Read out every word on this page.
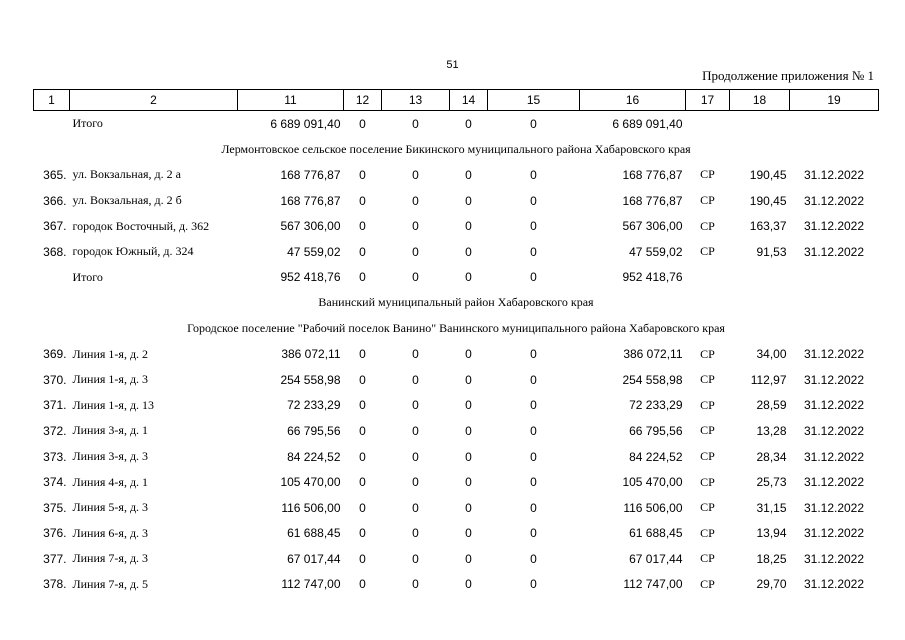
51
Продолжение приложения № 1
1	2	11	12	13	14	15	16	17	18	19
	Итого	6 689 091,40	0	0	0	0	6 689 091,40			
Лермонтовское сельское поселение Бикинского муниципального района Хабаровского края										
365.	ул. Вокзальная, д. 2 а	168 776,87	0	0	0	0	168 776,87	СР	190,45	31.12.2022
366.	ул. Вокзальная, д. 2 б	168 776,87	0	0	0	0	168 776,87	СР	190,45	31.12.2022
367.	городок Восточный, д. 362	567 306,00	0	0	0	0	567 306,00	СР	163,37	31.12.2022
368.	городок Южный, д. 324	47 559,02	0	0	0	0	47 559,02	СР	91,53	31.12.2022
	Итого	952 418,76	0	0	0	0	952 418,76			
Ванинский муниципальный район Хабаровского края										
Городское поселение "Рабочий поселок Ванино" Ванинского муниципального района Хабаровского края										
369.	Линия 1-я, д. 2	386 072,11	0	0	0	0	386 072,11	СР	34,00	31.12.2022
370.	Линия 1-я, д. 3	254 558,98	0	0	0	0	254 558,98	СР	112,97	31.12.2022
371.	Линия 1-я, д. 13	72 233,29	0	0	0	0	72 233,29	СР	28,59	31.12.2022
372.	Линия 3-я, д. 1	66 795,56	0	0	0	0	66 795,56	СР	13,28	31.12.2022
373.	Линия 3-я, д. 3	84 224,52	0	0	0	0	84 224,52	СР	28,34	31.12.2022
374.	Линия 4-я, д. 1	105 470,00	0	0	0	0	105 470,00	СР	25,73	31.12.2022
375.	Линия 5-я, д. 3	116 506,00	0	0	0	0	116 506,00	СР	31,15	31.12.2022
376.	Линия 6-я, д. 3	61 688,45	0	0	0	0	61 688,45	СР	13,94	31.12.2022
377.	Линия 7-я, д. 3	67 017,44	0	0	0	0	67 017,44	СР	18,25	31.12.2022
378.	Линия 7-я, д. 5	112 747,00	0	0	0	0	112 747,00	СР	29,70	31.12.2022
